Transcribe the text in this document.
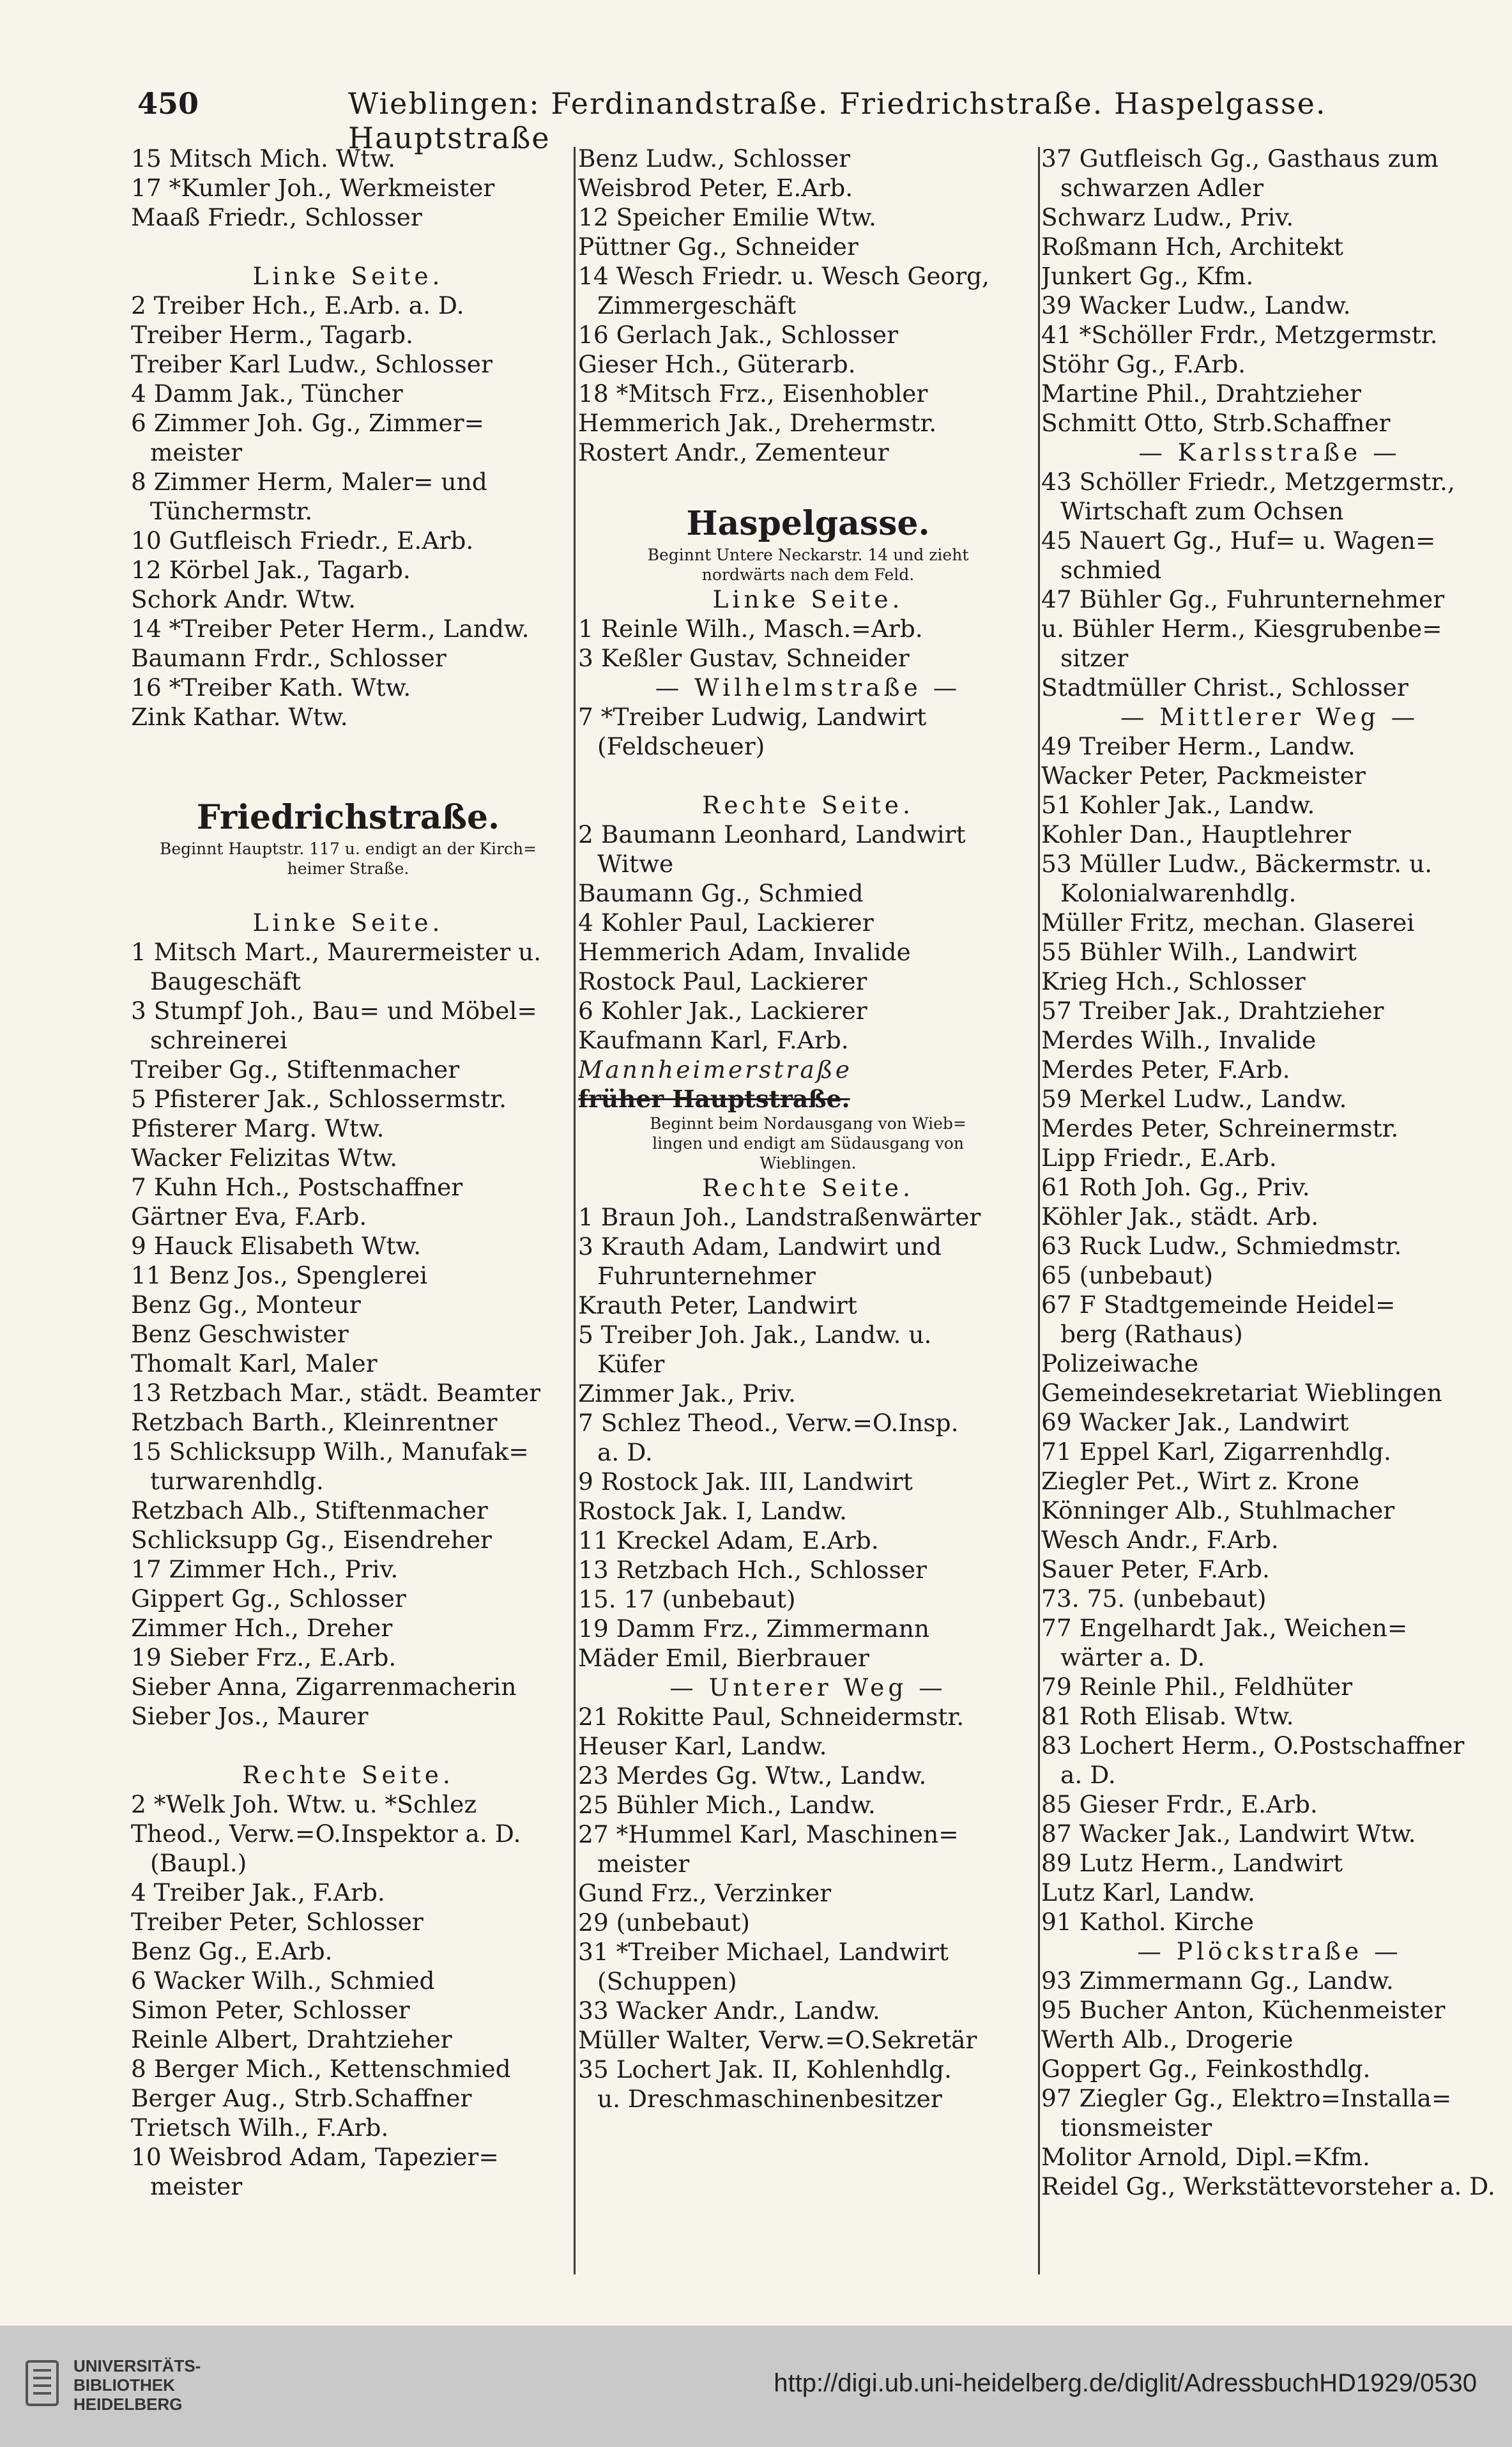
450	Wieblingen: Ferdinandstraße. Friedrichstraße. Haspelgasse. Hauptstraße
15 Mitsch Mich. Wtw.
17 *Kumler Joh., Werkmeister
Maaß Friedr., Schlosser
Linke Seite.
2 Treiber Hch., E.Arb. a. D.
Treiber Herm., Tagarb.
Treiber Karl Ludw., Schlosser
4 Damm Jak., Tüncher
6 Zimmer Joh. Gg., Zimmer=
meister
8 Zimmer Herm, Maler= und
Tünchermstr.
10 Gutfleisch Friedr., E.Arb.
12 Körbel Jak., Tagarb.
Schork Andr. Wtw.
14 *Treiber Peter Herm., Landw.
Baumann Frdr., Schlosser
16 *Treiber Kath. Wtw.
Zink Kathar. Wtw.
Friedrichstraße.
Beginnt Hauptstr. 117 u. endigt an der Kirch=
heimer Straße.
Linke Seite.
1 Mitsch Mart., Maurermeister u.
Baugeschäft
3 Stumpf Joh., Bau= und Möbel=
schreinerei
Treiber Gg., Stiftenmacher
5 Pfisterer Jak., Schlossermstr.
Pfisterer Marg. Wtw.
Wacker Felizitas Wtw.
7 Kuhn Hch., Postschaffner
Gärtner Eva, F.Arb.
9 Hauck Elisabeth Wtw.
11 Benz Jos., Spenglerei
Benz Gg., Monteur
Benz Geschwister
Thomalt Karl, Maler
13 Retzbach Mar., städt. Beamter
Retzbach Barth., Kleinrentner
15 Schlicksupp Wilh., Manufak=
turwarenhdlg.
Retzbach Alb., Stiftenmacher
Schlicksupp Gg., Eisendreher
17 Zimmer Hch., Priv.
Gippert Gg., Schlosser
Zimmer Hch., Dreher
19 Sieber Frz., E.Arb.
Sieber Anna, Zigarrenmacherin
Sieber Jos., Maurer
Rechte Seite.
2 *Welk Joh. Wtw. u. *Schlez
Theod., Verw.=O.Inspektor a. D.
(Baupl.)
4 Treiber Jak., F.Arb.
Treiber Peter, Schlosser
Benz Gg., E.Arb.
6 Wacker Wilh., Schmied
Simon Peter, Schlosser
Reinle Albert, Drahtzieher
8 Berger Mich., Kettenschmied
Berger Aug., Strb.Schaffner
Trietsch Wilh., F.Arb.
10 Weisbrod Adam, Tapezier=
meister
Benz Ludw., Schlosser
Weisbrod Peter, E.Arb.
12 Speicher Emilie Wtw.
Püttner Gg., Schneider
14 Wesch Friedr. u. Wesch Georg,
Zimmergeschäft
16 Gerlach Jak., Schlosser
Gieser Hch., Güterarb.
18 *Mitsch Frz., Eisenhobler
Hemmerich Jak., Drehermstr.
Rostert Andr., Zementeur
Haspelgasse.
Beginnt Untere Neckarstr. 14 und zieht
nordwärts nach dem Feld.
Linke Seite.
1 Reinle Wilh., Masch.=Arb.
3 Keßler Gustav, Schneider
— Wilhelmstraße —
7 *Treiber Ludwig, Landwirt
(Feldscheuer)
Rechte Seite.
2 Baumann Leonhard, Landwirt
Witwe
Baumann Gg., Schmied
4 Kohler Paul, Lackierer
Hemmerich Adam, Invalide
Rostock Paul, Lackierer
6 Kohler Jak., Lackierer
Kaufmann Karl, F.Arb.
Mannheimerstraße
früher Hauptstraße.
Beginnt beim Nordausgang von Wieb=
lingen und endigt am Südausgang von
Wieblingen.
Rechte Seite.
1 Braun Joh., Landstraßenwärter
3 Krauth Adam, Landwirt und
Fuhrunternehmer
Krauth Peter, Landwirt
5 Treiber Joh. Jak., Landw. u.
Küfer
Zimmer Jak., Priv.
7 Schlez Theod., Verw.=O.Insp.
a. D.
9 Rostock Jak. III, Landwirt
Rostock Jak. I, Landw.
11 Kreckel Adam, E.Arb.
13 Retzbach Hch., Schlosser
15. 17 (unbebaut)
19 Damm Frz., Zimmermann
Mäder Emil, Bierbrauer
— Unterer Weg —
21 Rokitte Paul, Schneidermstr.
Heuser Karl, Landw.
23 Merdes Gg. Wtw., Landw.
25 Bühler Mich., Landw.
27 *Hummel Karl, Maschinen=
meister
Gund Frz., Verzinker
29 (unbebaut)
31 *Treiber Michael, Landwirt
(Schuppen)
33 Wacker Andr., Landw.
Müller Walter, Verw.=O.Sekretär
35 Lochert Jak. II, Kohlenhdlg.
u. Dreschmaschinenbesitzer
37 Gutfleisch Gg., Gasthaus zum
schwarzen Adler
Schwarz Ludw., Priv.
Roßmann Hch, Architekt
Junkert Gg., Kfm.
39 Wacker Ludw., Landw.
41 *Schöller Frdr., Metzgermstr.
Stöhr Gg., F.Arb.
Martine Phil., Drahtzieher
Schmitt Otto, Strb.Schaffner
— Karlsstraße —
43 Schöller Friedr., Metzgermstr.,
Wirtschaft zum Ochsen
45 Nauert Gg., Huf= u. Wagen=
schmied
47 Bühler Gg., Fuhrunternehmer
u. Bühler Herm., Kiesgrubenbe=
sitzer
Stadtmüller Christ., Schlosser
— Mittlerer Weg —
49 Treiber Herm., Landw.
Wacker Peter, Packmeister
51 Kohler Jak., Landw.
Kohler Dan., Hauptlehrer
53 Müller Ludw., Bäckermstr. u.
Kolonialwarenhdlg.
Müller Fritz, mechan. Glaserei
55 Bühler Wilh., Landwirt
Krieg Hch., Schlosser
57 Treiber Jak., Drahtzieher
Merdes Wilh., Invalide
Merdes Peter, F.Arb.
59 Merkel Ludw., Landw.
Merdes Peter, Schreinermstr.
Lipp Friedr., E.Arb.
61 Roth Joh. Gg., Priv.
Köhler Jak., städt. Arb.
63 Ruck Ludw., Schmiedmstr.
65 (unbebaut)
67 F Stadtgemeinde Heidel=
berg (Rathaus)
Polizeiwache
Gemeindesekretariat Wieblingen
69 Wacker Jak., Landwirt
71 Eppel Karl, Zigarrenhdlg.
Ziegler Pet., Wirt z. Krone
Könninger Alb., Stuhlmacher
Wesch Andr., F.Arb.
Sauer Peter, F.Arb.
73. 75. (unbebaut)
77 Engelhardt Jak., Weichen=
wärter a. D.
79 Reinle Phil., Feldhüter
81 Roth Elisab. Wtw.
83 Lochert Herm., O.Postschaffner
a. D.
85 Gieser Frdr., E.Arb.
87 Wacker Jak., Landwirt Wtw.
89 Lutz Herm., Landwirt
Lutz Karl, Landw.
91 Kathol. Kirche
— Plöckstraße —
93 Zimmermann Gg., Landw.
95 Bucher Anton, Küchenmeister
Werth Alb., Drogerie
Goppert Gg., Feinkosthdlg.
97 Ziegler Gg., Elektro=Installa=
tionsmeister
Molitor Arnold, Dipl.=Kfm.
Reidel Gg., Werkstättevorsteher a. D.
UNIVERSITÄTS-
BIBLIOTHEK
HEIDELBERG
http://digi.ub.uni-heidelberg.de/diglit/AdressbuchHD1929/0530
